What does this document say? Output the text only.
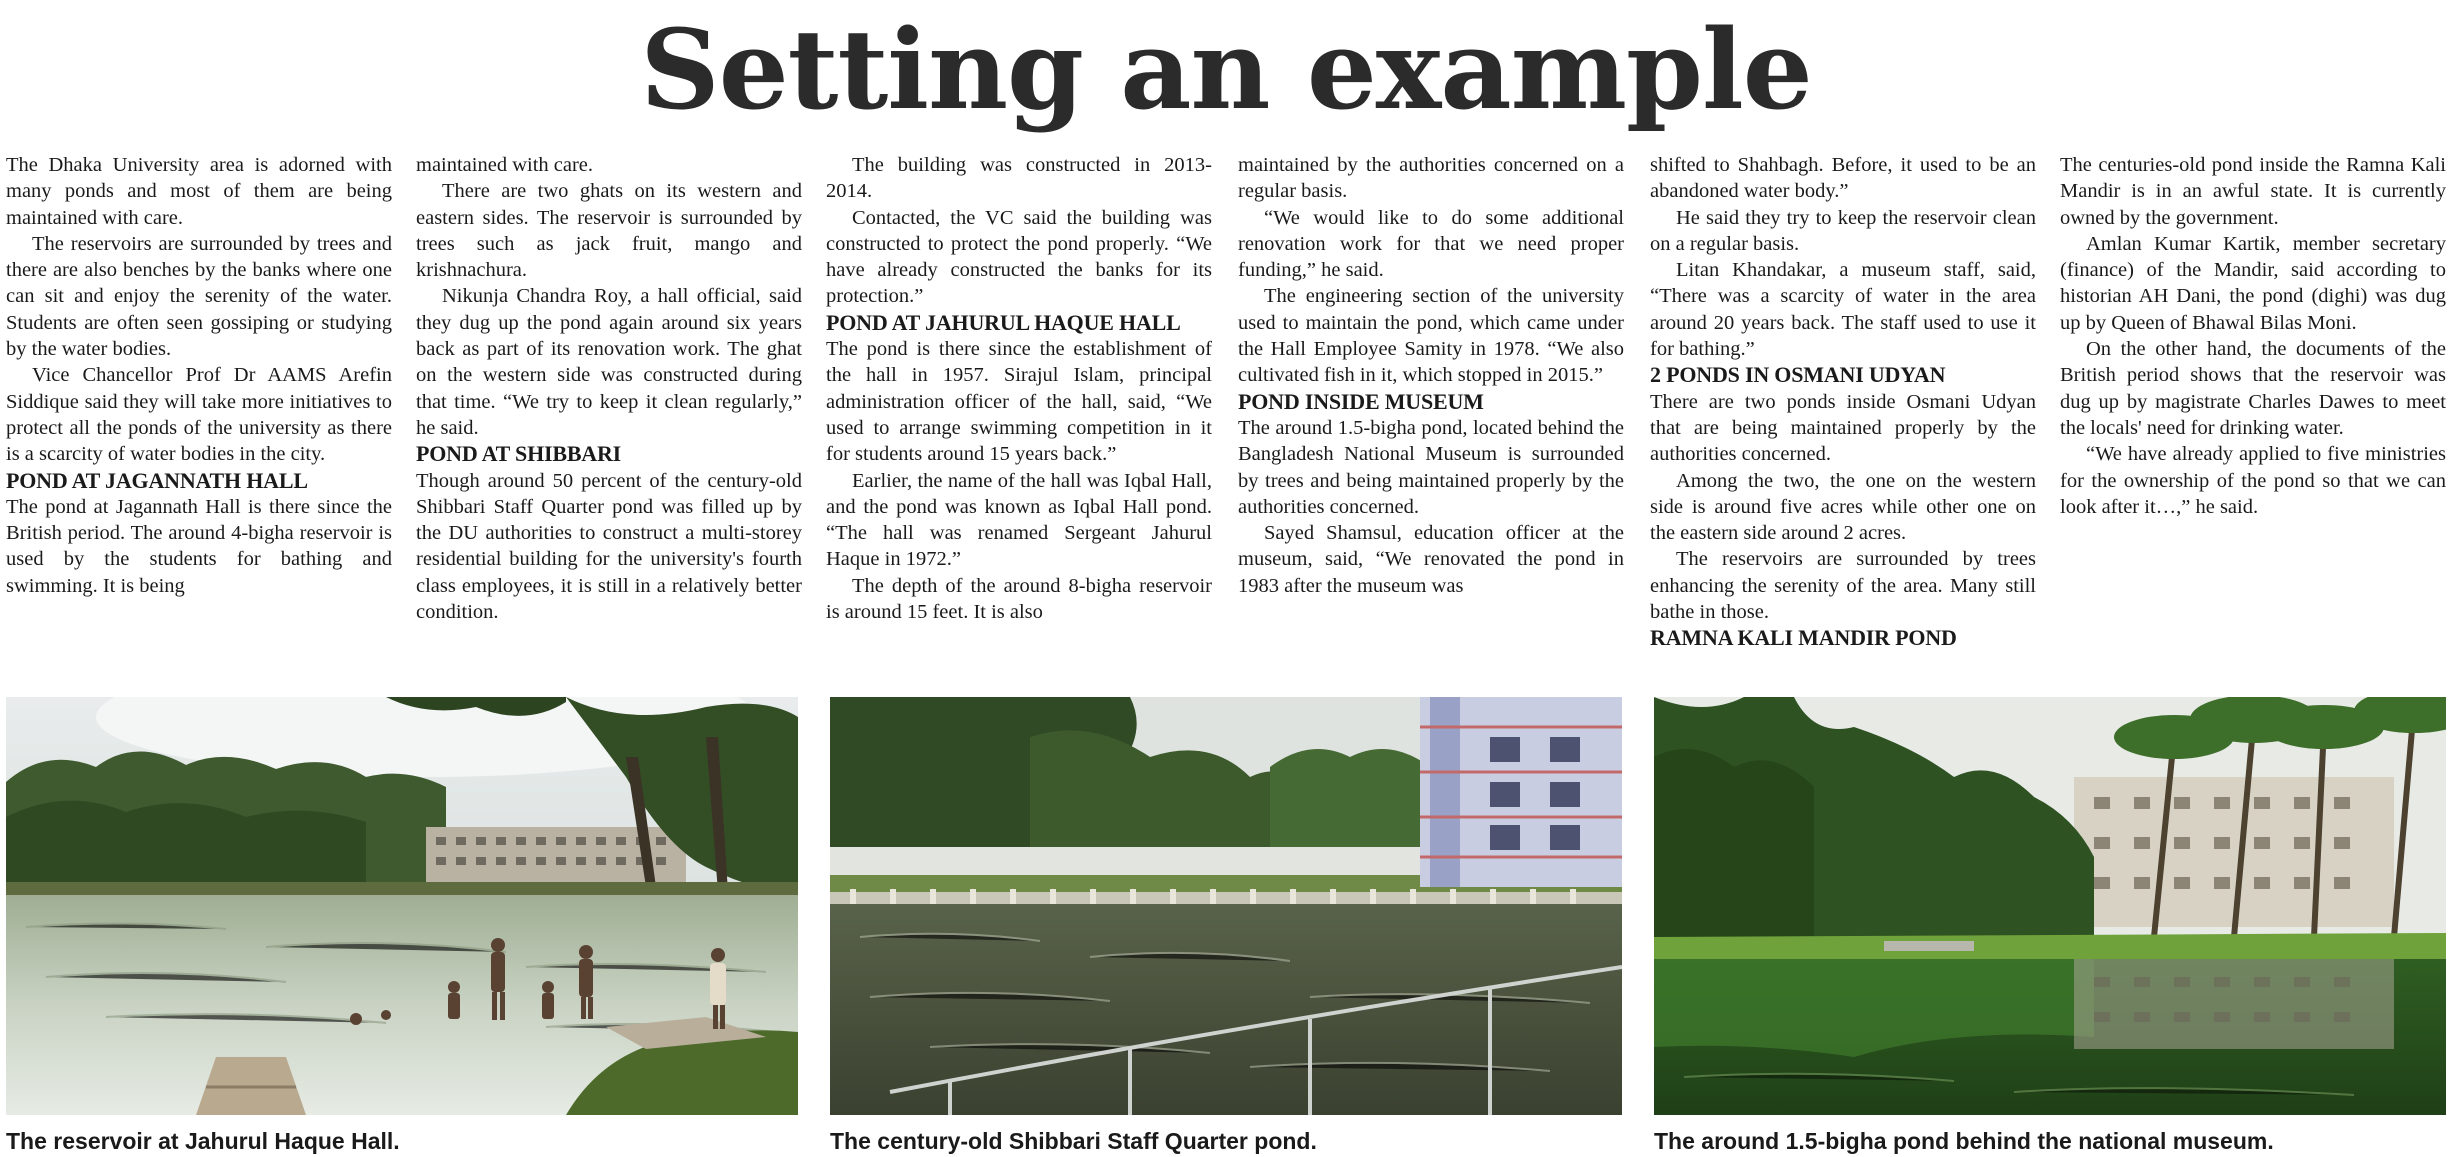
Setting an example

The Dhaka University area is adorned with many ponds and most of them are being maintained with care.

The reservoirs are surrounded by trees and there are also benches by the banks where one can sit and enjoy the serenity of the water. Students are often seen gossiping or studying by the water bodies.

Vice Chancellor Prof Dr AAMS Arefin Siddique said they will take more initiatives to protect all the ponds of the university as there is a scarcity of water bodies in the city.

POND AT JAGANNATH HALL

The pond at Jagannath Hall is there since the British period. The around 4-bigha reservoir is used by the students for bathing and swimming. It is being

maintained with care.

There are two ghats on its western and eastern sides. The reservoir is surrounded by trees such as jack fruit, mango and krishnachura.

Nikunja Chandra Roy, a hall official, said they dug up the pond again around six years back as part of its renovation work. The ghat on the western side was constructed during that time. “We try to keep it clean regularly,” he said.

POND AT SHIBBARI

Though around 50 percent of the century-old Shibbari Staff Quarter pond was filled up by the DU authorities to construct a multi-storey residential building for the university's fourth class employees, it is still in a relatively better condition.

The building was constructed in 2013-2014.

Contacted, the VC said the building was constructed to protect the pond properly. “We have already constructed the banks for its protection.”

POND AT JAHURUL HAQUE HALL

The pond is there since the establishment of the hall in 1957. Sirajul Islam, principal administration officer of the hall, said, “We used to arrange swimming competition in it for students around 15 years back.”

Earlier, the name of the hall was Iqbal Hall, and the pond was known as Iqbal Hall pond. “The hall was renamed Sergeant Jahurul Haque in 1972.”

The depth of the around 8-bigha reservoir is around 15 feet. It is also

maintained by the authorities concerned on a regular basis.

“We would like to do some additional renovation work for that we need proper funding,” he said.

The engineering section of the university used to maintain the pond, which came under the Hall Employee Samity in 1978. “We also cultivated fish in it, which stopped in 2015.”

POND INSIDE MUSEUM

The around 1.5-bigha pond, located behind the Bangladesh National Museum is surrounded by trees and being maintained properly by the authorities concerned.

Sayed Shamsul, education officer at the museum, said, “We renovated the pond in 1983 after the museum was

shifted to Shahbagh. Before, it used to be an abandoned water body.”

He said they try to keep the reservoir clean on a regular basis.

Litan Khandakar, a museum staff, said, “There was a scarcity of water in the area around 20 years back. The staff used to use it for bathing.”

2 PONDS IN OSMANI UDYAN

There are two ponds inside Osmani Udyan that are being maintained properly by the authorities concerned.

Among the two, the one on the western side is around five acres while other one on the eastern side around 2 acres.

The reservoirs are surrounded by trees enhancing the serenity of the area. Many still bathe in those.

RAMNA KALI MANDIR POND

The centuries-old pond inside the Ramna Kali Mandir is in an awful state. It is currently owned by the government.

Amlan Kumar Kartik, member secretary (finance) of the Mandir, said according to historian AH Dani, the pond (dighi) was dug up by Queen of Bhawal Bilas Moni.

On the other hand, the documents of the British period shows that the reservoir was dug up by magistrate Charles Dawes to meet the locals' need for drinking water.

“We have already applied to five ministries for the ownership of the pond so that we can look after it…,” he said.

The reservoir at Jahurul Haque Hall.	The century-old Shibbari Staff Quarter pond.	The around 1.5-bigha pond behind the national museum.
